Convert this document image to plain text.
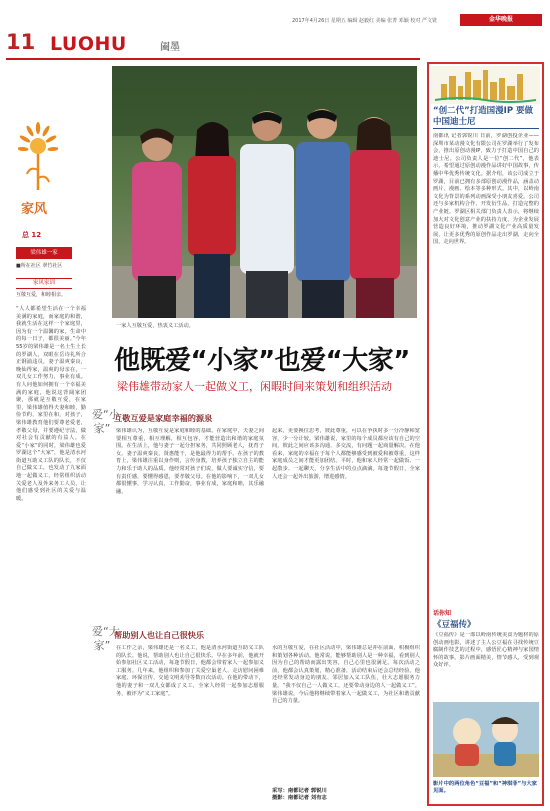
2017年4月26日 星期五 编辑 赵毅红 美编 张菁 邓颖 校对 严文铣	金华晚报
11 LUOHU	阖墨
家风
总 12
梁伟雄一家
■所在社区 翠竹社区
家风家训
互敬互爱，和睦相亲。
“人人都希望生活在一个幸福美满的家庭，而家庭的和谐，我就生活在这样一个家庭里，因为有一个温馨的家，生命中的每一日子，都很美丽。”今年55岁的梁伟雄是一名土生土长的罗湖人，双眼在岳诗礼所合正钢浦违员，妻子温爽秦良，晚仙得家，温爽的母亲在，一双儿女工作努力，事业有成。有人问他如何拥有一个幸福美满的家庭，他说这背阔家团聚，那就是互敬互爱，在家里，梁伟雄值得夫妻和睦，勤俭节约，家里在和，对孩子，梁伟雄教育他们要尊老爱老，孝敬父母，并要遵纪守法，做对社会有贡献的有益人。在爱“小家”的同时，梁伟雄也爱罗湖这个“大家”，他是清水河街道互助义工队的队长，不仅自己做义工，也发动了九家面地一起做义工，经常组织活动关爱老人及外来务工人员，让他们感受到社区的关爱与温暖。
一家人互敬互爱，热衷义工活动。
他既爱“小家”也爱“大家”
梁伟雄带动家人一起做义工，闲暇时间来策划和组织活动
爱“小家”
互敬互爱是家庭幸福的源泉
梁伟雄认为，互敬互爱是家庭和睦的基础。在家庭中，夫妻之间要相互尊重，相互理解，相互包容，才能营造出和谐的家庭氛围。在生活上，他与妻子一起分担家务，共同照顾老人，抚育子女。妻子温爽秦良，贤惠能干，是他最得力的帮手。在孩子的教育上，梁伟雄注重以身作则，言传身教，培养孩子独立自主的能力和乐于助人的品质。他经常对孩子们说，做人要诚实守信，要有责任感，要懂得感恩，要孝敬父母。在他的影响下，一双儿女都很懂事，学习认真，工作勤奋，事业有成，家庭和睦，其乐融融。
起来，更要换位思考，彼此尊重，可以在争执时多一分冷静和宽容，少一分计较。梁伟雄说，家里的每个成员都应该有自己的空间，彼此之间应该多沟通、多交流，有问题一起商量解决。在他看来，家庭的幸福在于每个人都能够感受到被爱和被尊重，这样家庭成员之间才能更加团结。平时，他和家人经常一起做饭、一起散步、一起聊天，分享生活中的点点滴滴。每逢节假日，全家人还会一起外出旅游，增进感情。
爱“大家”
帮助别人也让自己很快乐
在工作之余，梁伟雄还是一名义工，他是清水河街道互助义工队的队长。他说，帮助别人也让自己很快乐。早在多年前，他就开始参加社区义工活动，每逢节假日，他都会带着家人一起参加义工服务。几年来，他组织和参加了关爱空巢老人、走访慰问困难家庭、环保宣传、交通文明劝导等数百次活动。在他的带动下，他的妻子和一双儿女都成了义工，全家人经常一起参加志愿服务，被评为“义工家庭”。
水的互敬互爱，在社区活动中，梁伟雄总是冲在前面，积极组织和策划各种活动。他常说，能够帮助别人是一种幸福，看到别人因为自己的帮助而露出笑容，自己心里也很满足。每次活动之前，他都会认真策划，精心准备，活动结束后还会总结经验。他还经常发动身边的朋友、邻居加入义工队伍，壮大志愿服务力量。“我不仅自己一人做义工，还要带动身边的人一起做义工”。梁伟雄说，今后他将继续带着家人一起做义工，为社区和谐贡献自己的力量。
采写：南都记者 郭锐川
摄影：南都记者 刘有志
“创二代”打造国漫IP 要做中国迪士尼
南都讯 记者郭锐川 日前，罗湖创投企业——深圳市某动漫文化有限公司在罗湖举行了发布会，推出原创动漫IP，致力于打造中国自己的迪士尼。公司负责人是一位“创二代”，他表示，希望通过原创动漫作品讲好中国故事，传播中华优秀传统文化。据介绍，该公司成立于罗湖，目前已拥有多部原创动漫作品，涵盖动画片、漫画、绘本等多种形式。其中，以岭南文化为背景的系列动画深受小朋友喜爱。公司还与多家机构合作，开发衍生品，打造完整的产业链。罗湖区相关部门负责人表示，将继续加大对文化创意产业的扶持力度，为企业发展营造良好环境，推动罗湖文化产业高质量发展，让更多优秀的原创作品走出罗湖，走向全国，走向世界。
话你知
《豆福传》
《豆福传》是一部以岭南传统美食为题材的原创动画电影，讲述了主人公豆福在寻找传统豆腐制作技艺的过程中，感悟匠心精神与家国情怀的故事。影片画面精美，情节感人，受到观众好评。
影片中的两位角色“豆福”和“神琪菲”与大家见面。
